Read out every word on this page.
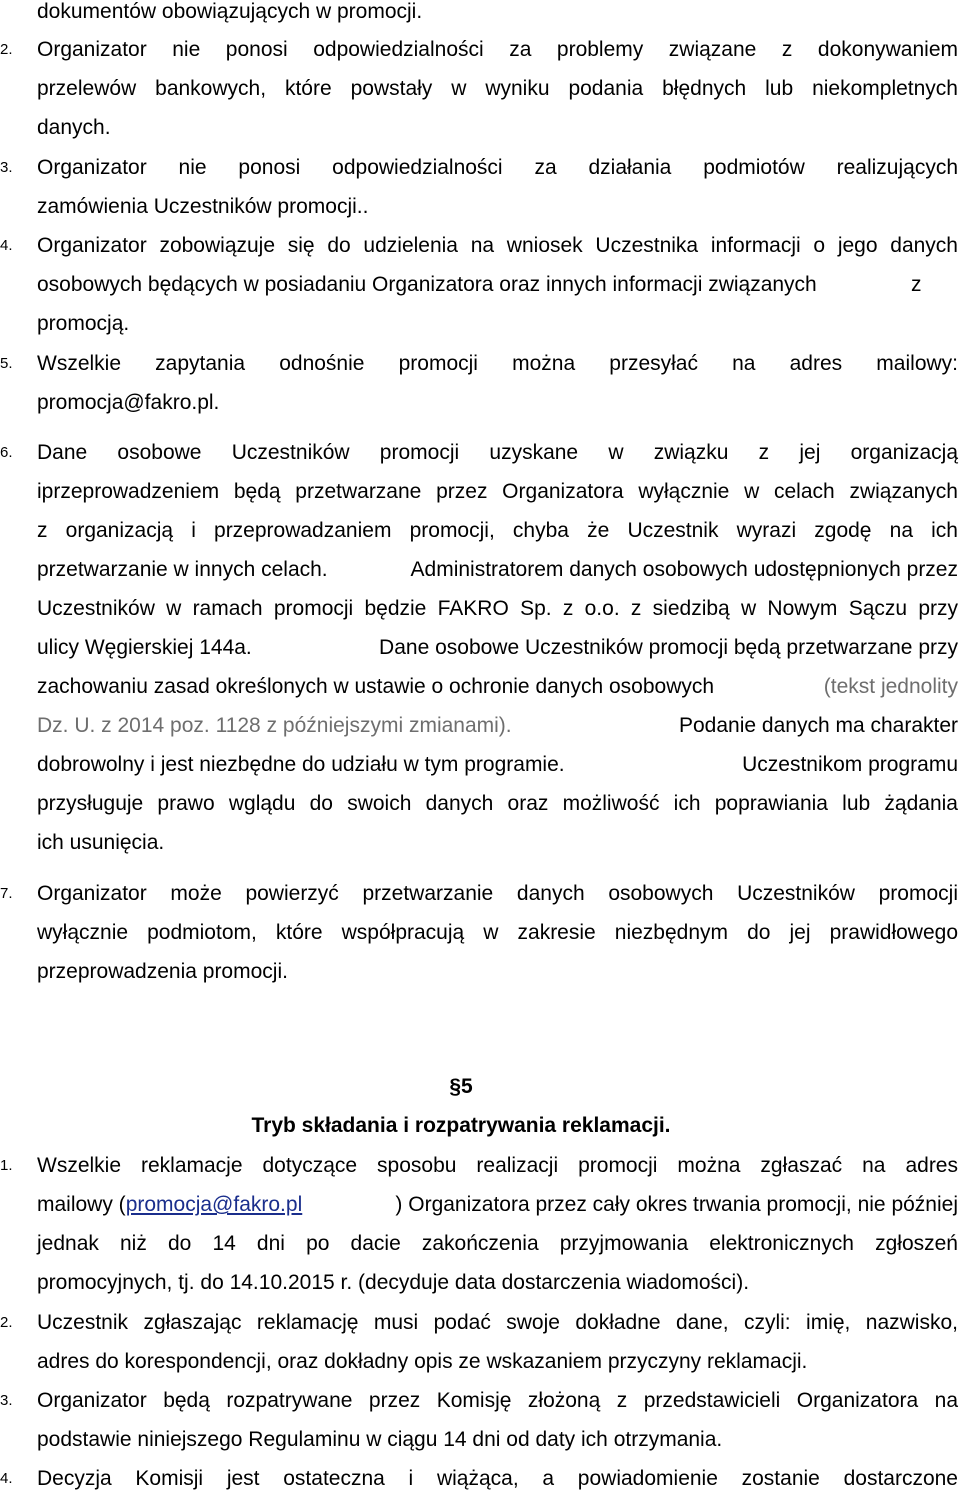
dokumentów obowiązujących w promocji.
2.	Organizator nie ponosi odpowiedzialności za problemy związane z dokonywaniem
przelewów bankowych, które powstały w wyniku podania błędnych lub niekompletnych
danych.
3.	Organizator nie ponosi odpowiedzialności za działania podmiotów realizujących
zamówienia Uczestników promocji..
4.	Organizator zobowiązuje się do udzielenia na wniosek Uczestnika informacji o jego danych
osobowych będących w posiadaniu Organizatora oraz innych informacji związanych	z
promocją.
5.	Wszelkie zapytania odnośnie promocji można przesyłać na adres mailowy:
promocja@fakro.pl.
6.	Dane osobowe Uczestników promocji uzyskane w związku z jej organizacją
iprzeprowadzeniem będą przetwarzane przez Organizatora wyłącznie w celach związanych
z organizacją i przeprowadzaniem promocji, chyba że Uczestnik wyrazi zgodę na ich
przetwarzanie w innych celach.	Administratorem danych osobowych udostępnionych przez
Uczestników w ramach promocji będzie FAKRO Sp. z o.o. z siedzibą w Nowym Sączu przy
ulicy Węgierskiej 144a.	Dane osobowe Uczestników promocji będą przetwarzane przy
zachowaniu zasad określonych w ustawie o ochronie danych osobowych	(tekst jednolity
Dz. U. z 2014 poz. 1128 z późniejszymi zmianami).	Podanie danych ma charakter
dobrowolny i jest niezbędne do udziału w tym programie.	Uczestnikom programu
przysługuje prawo wglądu do swoich danych oraz możliwość ich poprawiania lub żądania
ich usunięcia.
7.	Organizator może powierzyć przetwarzanie danych osobowych Uczestników promocji
wyłącznie podmiotom, które współpracują w zakresie niezbędnym do jej prawidłowego
przeprowadzenia promocji.
§5
Tryb składania i rozpatrywania reklamacji.
1.	Wszelkie reklamacje dotyczące sposobu realizacji promocji można zgłaszać na adres
mailowy (promocja@fakro.pl	) Organizatora przez cały okres trwania promocji, nie później
jednak niż do 14 dni po dacie zakończenia przyjmowania elektronicznych zgłoszeń
promocyjnych, tj. do 14.10.2015 r. (decyduje data dostarczenia wiadomości).
2.	Uczestnik zgłaszając reklamację musi podać swoje dokładne dane, czyli: imię, nazwisko,
adres do korespondencji, oraz dokładny opis ze wskazaniem przyczyny reklamacji.
3.	Organizator będą rozpatrywane przez Komisję złożoną z przedstawicieli Organizatora na
podstawie niniejszego Regulaminu w ciągu 14 dni od daty ich otrzymania.
4.	Decyzja Komisji jest ostateczna i wiążąca, a powiadomienie zostanie dostarczone
